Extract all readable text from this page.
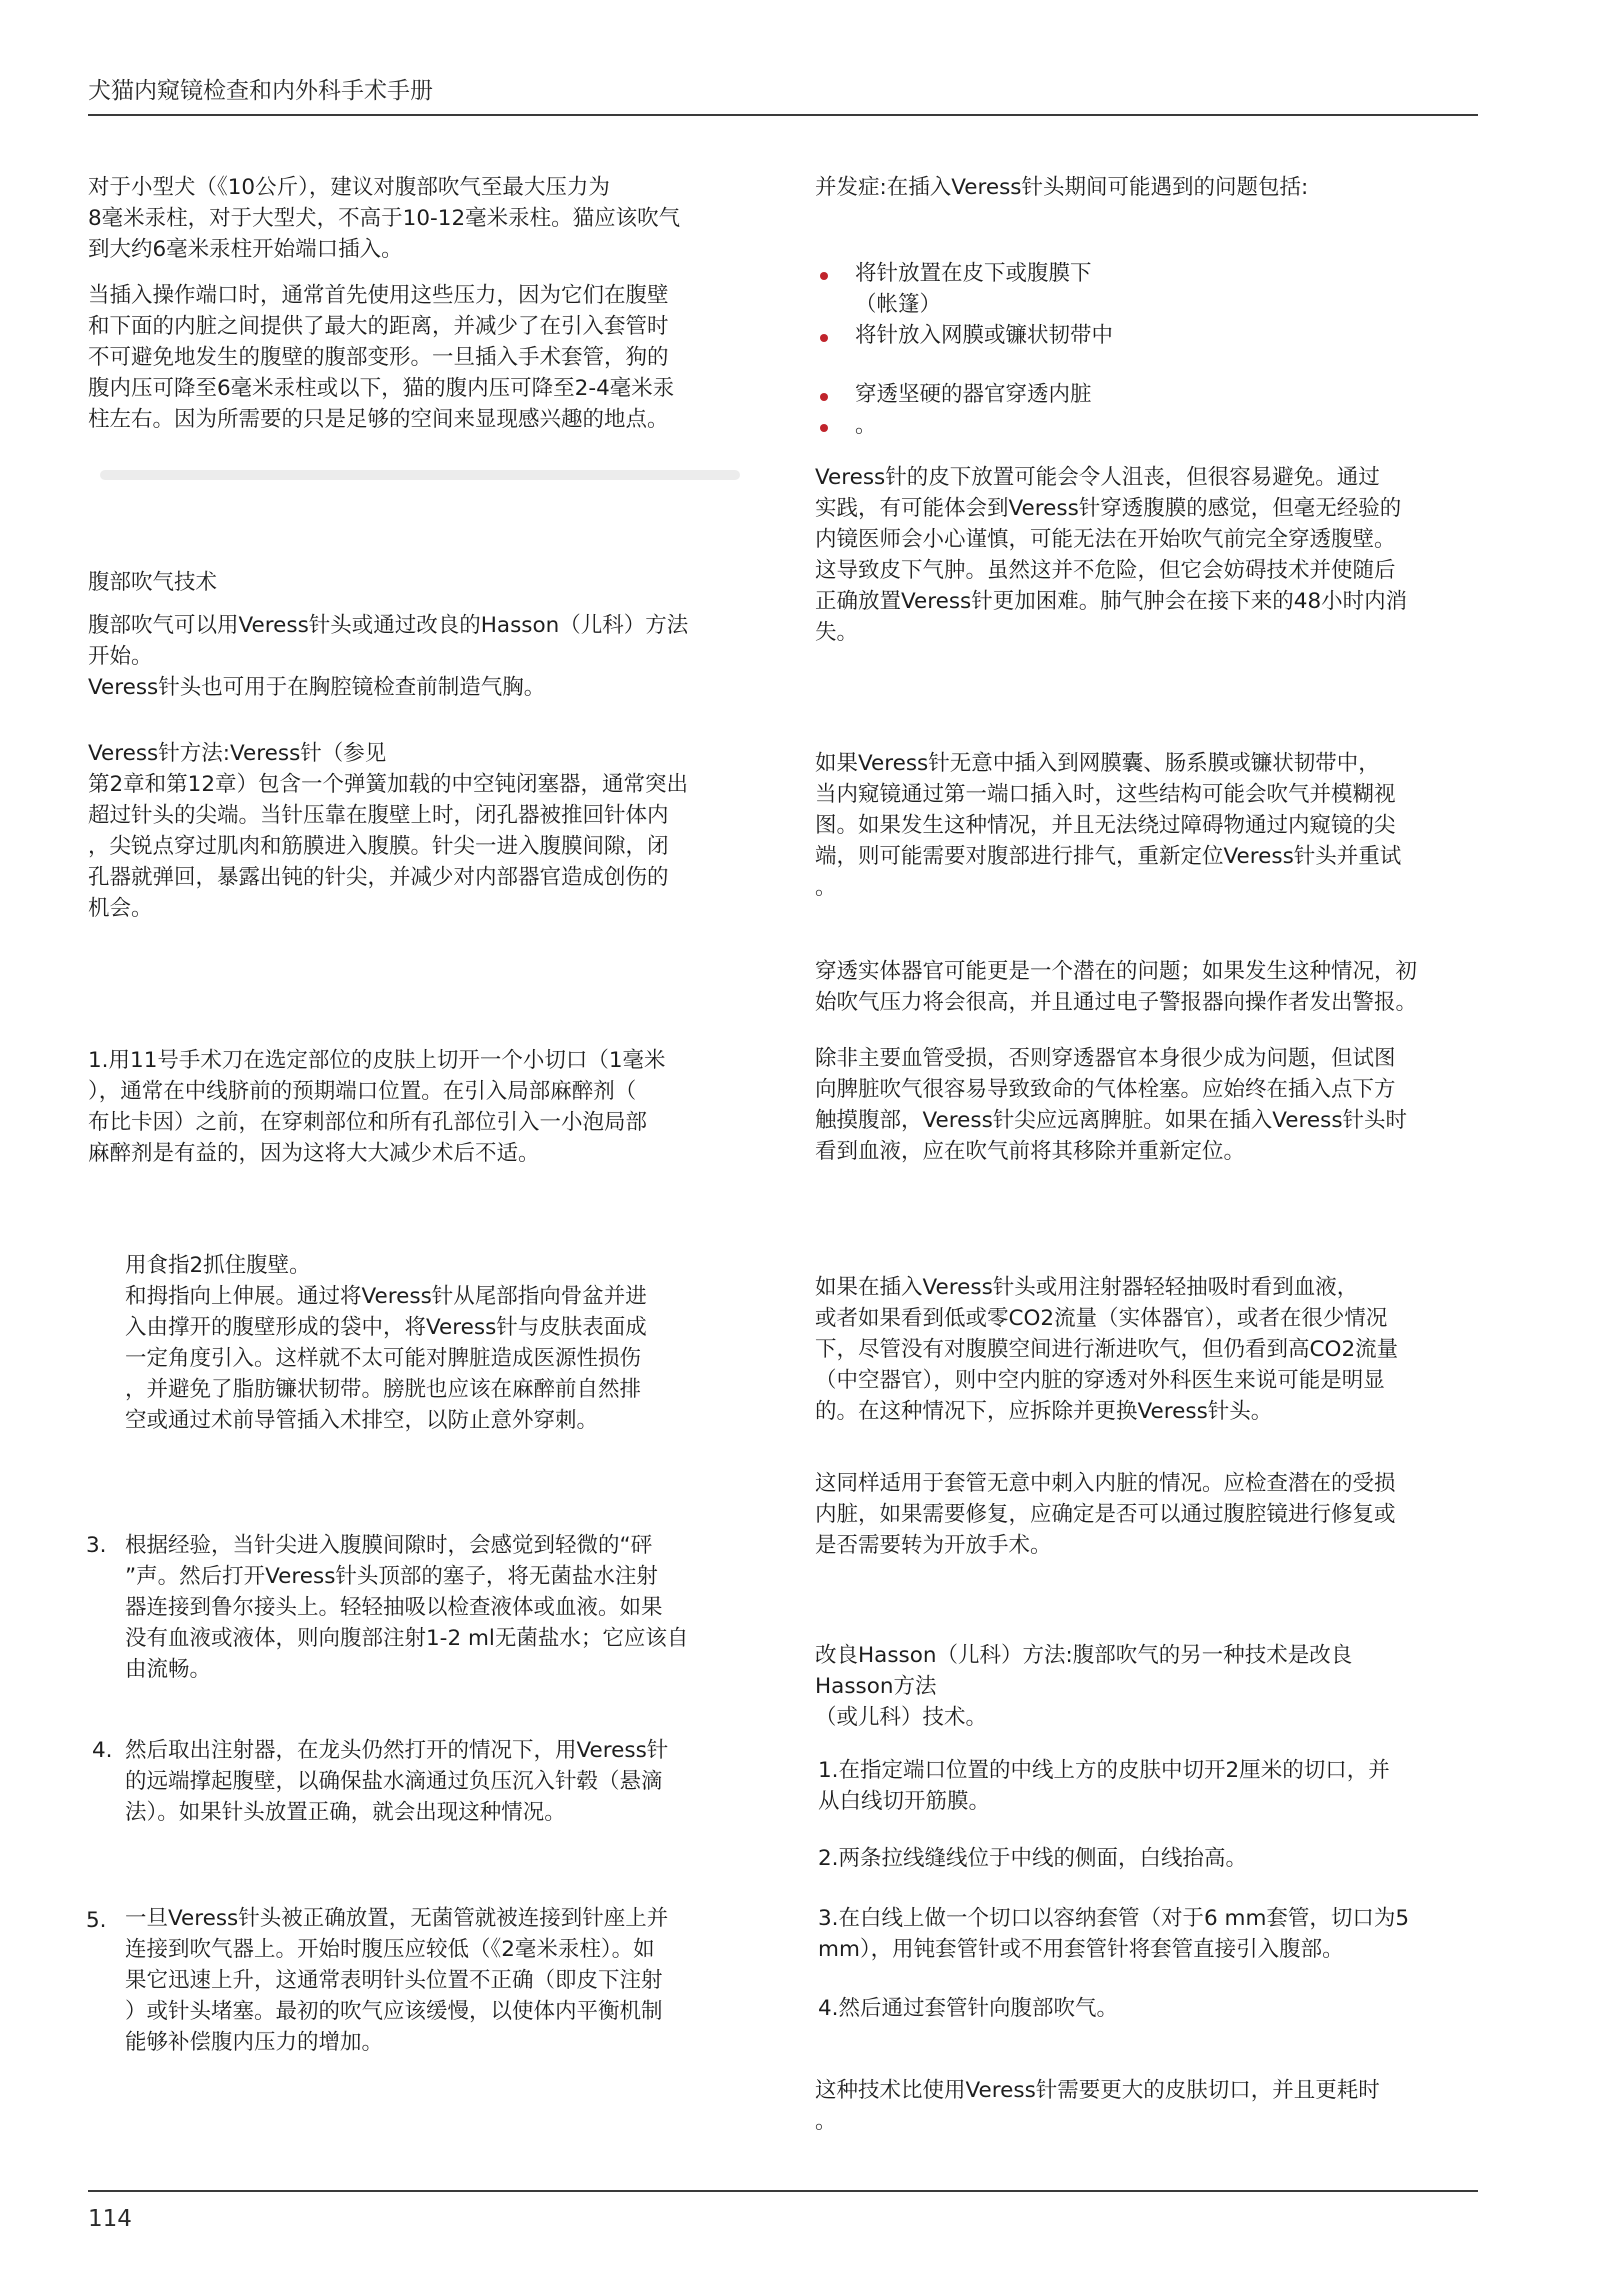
犬猫内窥镜检查和内外科手术手册
对于小型犬（《10公斤），建议对腹部吹气至最大压力为
8毫米汞柱，对于大型犬，不高于10-12毫米汞柱。猫应该吹气
到大约6毫米汞柱开始端口插入。
当插入操作端口时，通常首先使用这些压力，因为它们在腹壁
和下面的内脏之间提供了最大的距离，并减少了在引入套管时
不可避免地发生的腹壁的腹部变形。一旦插入手术套管，狗的
腹内压可降至6毫米汞柱或以下，猫的腹内压可降至2-4毫米汞
柱左右。因为所需要的只是足够的空间来显现感兴趣的地点。
腹部吹气技术
腹部吹气可以用Veress针头或通过改良的Hasson（儿科）方法
开始。
Veress针头也可用于在胸腔镜检查前制造气胸。
Veress针方法:Veress针（参见
第2章和第12章）包含一个弹簧加载的中空钝闭塞器，通常突出
超过针头的尖端。当针压靠在腹壁上时，闭孔器被推回针体内
，尖锐点穿过肌肉和筋膜进入腹膜。针尖一进入腹膜间隙，闭
孔器就弹回，暴露出钝的针尖，并减少对内部器官造成创伤的
机会。
1.用11号手术刀在选定部位的皮肤上切开一个小切口（1毫米
），通常在中线脐前的预期端口位置。在引入局部麻醉剂（
布比卡因）之前，在穿刺部位和所有孔部位引入一小泡局部
麻醉剂是有益的，因为这将大大减少术后不适。
用食指2抓住腹壁。
和拇指向上伸展。通过将Veress针从尾部指向骨盆并进
入由撑开的腹壁形成的袋中，将Veress针与皮肤表面成
一定角度引入。这样就不太可能对脾脏造成医源性损伤
，并避免了脂肪镰状韧带。膀胱也应该在麻醉前自然排
空或通过术前导管插入术排空，以防止意外穿刺。
3. 根据经验，当针尖进入腹膜间隙时，会感觉到轻微的“砰
”声。然后打开Veress针头顶部的塞子，将无菌盐水注射
器连接到鲁尔接头上。轻轻抽吸以检查液体或血液。如果
没有血液或液体，则向腹部注射1-2 ml无菌盐水；它应该自
由流畅。
4. 然后取出注射器，在龙头仍然打开的情况下，用Veress针
的远端撑起腹壁，以确保盐水滴通过负压沉入针毂（悬滴
法）。如果针头放置正确，就会出现这种情况。
5. 一旦Veress针头被正确放置，无菌管就被连接到针座上并
连接到吹气器上。开始时腹压应较低（《2毫米汞柱）。如
果它迅速上升，这通常表明针头位置不正确（即皮下注射
）或针头堵塞。最初的吹气应该缓慢，以使体内平衡机制
能够补偿腹内压力的增加。
并发症:在插入Veress针头期间可能遇到的问题包括:
将针放置在皮下或腹膜下
（帐篷）
将针放入网膜或镰状韧带中
穿透坚硬的器官穿透内脏
。
Veress针的皮下放置可能会令人沮丧，但很容易避免。通过
实践，有可能体会到Veress针穿透腹膜的感觉，但毫无经验的
内镜医师会小心谨慎，可能无法在开始吹气前完全穿透腹壁。
这导致皮下气肿。虽然这并不危险，但它会妨碍技术并使随后
正确放置Veress针更加困难。肺气肿会在接下来的48小时内消
失。
如果Veress针无意中插入到网膜囊、肠系膜或镰状韧带中，
当内窥镜通过第一端口插入时，这些结构可能会吹气并模糊视
图。如果发生这种情况，并且无法绕过障碍物通过内窥镜的尖
端，则可能需要对腹部进行排气，重新定位Veress针头并重试
。
穿透实体器官可能更是一个潜在的问题；如果发生这种情况，初
始吹气压力将会很高，并且通过电子警报器向操作者发出警报。
除非主要血管受损，否则穿透器官本身很少成为问题，但试图
向脾脏吹气很容易导致致命的气体栓塞。应始终在插入点下方
触摸腹部，Veress针尖应远离脾脏。如果在插入Veress针头时
看到血液，应在吹气前将其移除并重新定位。
如果在插入Veress针头或用注射器轻轻抽吸时看到血液，
或者如果看到低或零CO2流量（实体器官），或者在很少情况
下，尽管没有对腹膜空间进行渐进吹气，但仍看到高CO2流量
（中空器官），则中空内脏的穿透对外科医生来说可能是明显
的。在这种情况下，应拆除并更换Veress针头。
这同样适用于套管无意中刺入内脏的情况。应检查潜在的受损
内脏，如果需要修复，应确定是否可以通过腹腔镜进行修复或
是否需要转为开放手术。
改良Hasson（儿科）方法:腹部吹气的另一种技术是改良
Hasson方法
（或儿科）技术。
1.在指定端口位置的中线上方的皮肤中切开2厘米的切口，并
从白线切开筋膜。
2.两条拉线缝线位于中线的侧面，白线抬高。
3.在白线上做一个切口以容纳套管（对于6 mm套管，切口为5
mm），用钝套管针或不用套管针将套管直接引入腹部。
4.然后通过套管针向腹部吹气。
这种技术比使用Veress针需要更大的皮肤切口，并且更耗时
。
114
